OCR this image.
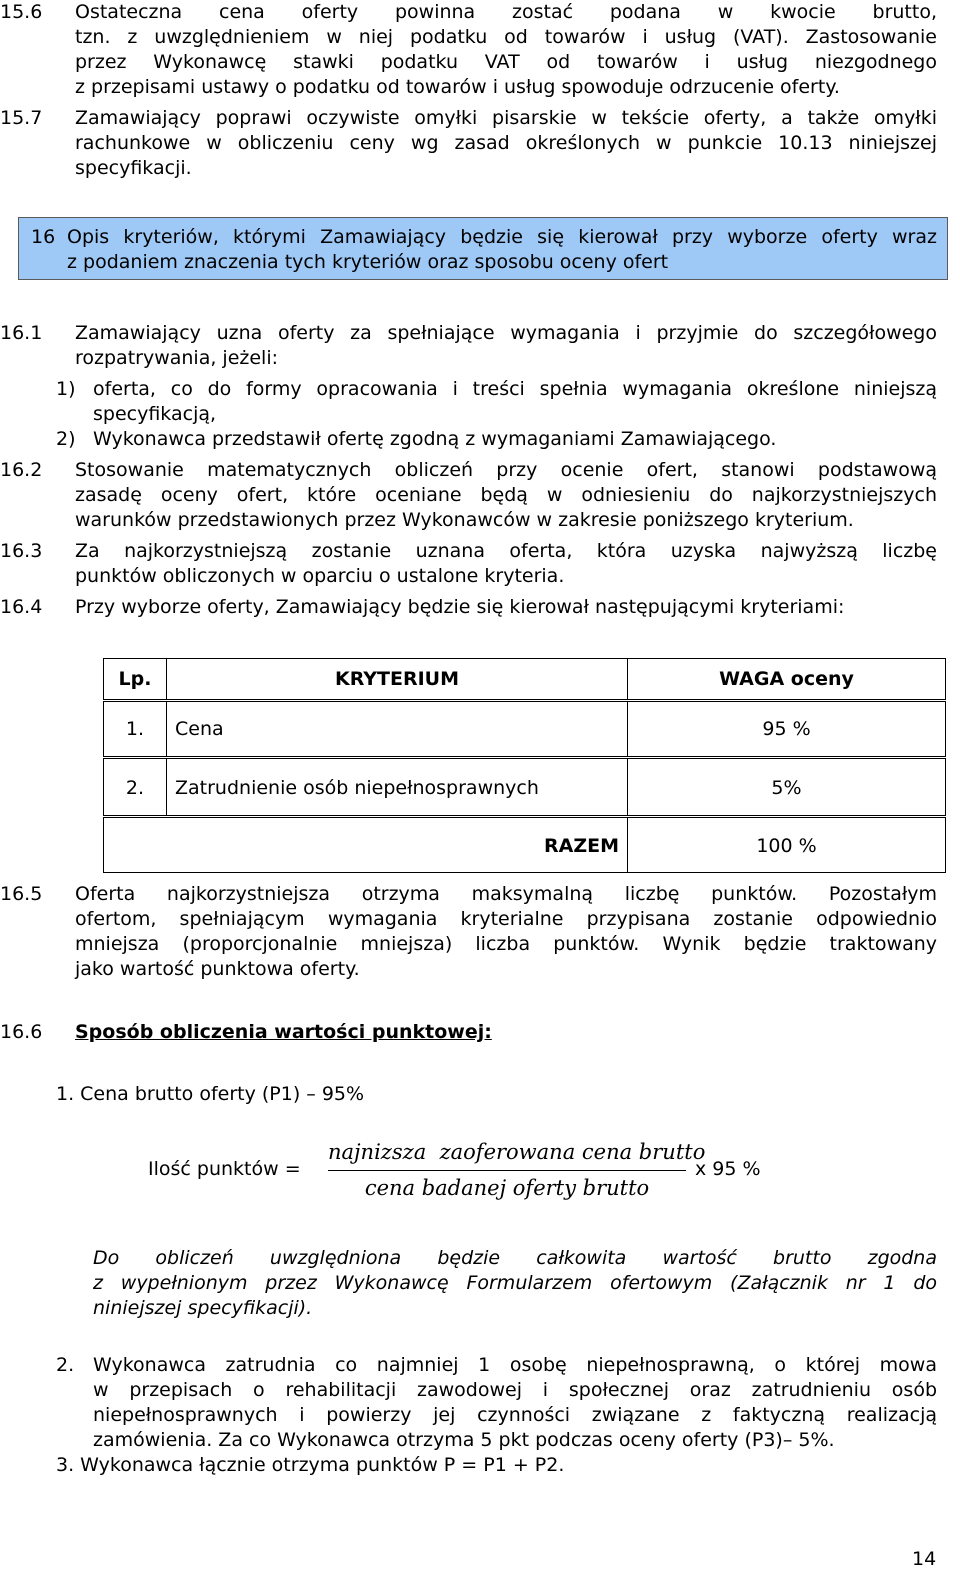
15.6 Ostateczna cena oferty powinna zostać podana w kwocie brutto,
tzn. z uwzględnieniem w niej podatku od towarów i usług (VAT). Zastosowanie
przez Wykonawcę stawki podatku VAT od towarów i usług niezgodnego
z przepisami ustawy o podatku od towarów i usług spowoduje odrzucenie oferty.
15.7 Zamawiający poprawi oczywiste omyłki pisarskie w tekście oferty, a także omyłki
rachunkowe w obliczeniu ceny wg zasad określonych w punkcie 10.13 niniejszej
specyfikacji.
16 Opis kryteriów, którymi Zamawiający będzie się kierował przy wyborze oferty wraz
z podaniem znaczenia tych kryteriów oraz sposobu oceny ofert
16.1 Zamawiający uzna oferty za spełniające wymagania i przyjmie do szczegółowego
rozpatrywania, jeżeli:
1) oferta, co do formy opracowania i treści spełnia wymagania określone niniejszą
specyfikacją,
2) Wykonawca przedstawił ofertę zgodną z wymaganiami Zamawiającego.
16.2 Stosowanie matematycznych obliczeń przy ocenie ofert, stanowi podstawową
zasadę oceny ofert, które oceniane będą w odniesieniu do najkorzystniejszych
warunków przedstawionych przez Wykonawców w zakresie poniższego kryterium.
16.3 Za najkorzystniejszą zostanie uznana oferta, która uzyska najwyższą liczbę
punktów obliczonych w oparciu o ustalone kryteria.
16.4 Przy wyborze oferty, Zamawiający będzie się kierował następującymi kryteriami:
Lp.	KRYTERIUM	WAGA oceny
1.	Cena	95 %
2.	Zatrudnienie osób niepełnosprawnych	5%
RAZEM	100 %
16.5 Oferta najkorzystniejsza otrzyma maksymalną liczbę punktów. Pozostałym
ofertom, spełniającym wymagania kryterialne przypisana zostanie odpowiednio
mniejsza (proporcjonalnie mniejsza) liczba punktów. Wynik będzie traktowany
jako wartość punktowa oferty.
16.6 Sposób obliczenia wartości punktowej:
1. Cena brutto oferty (P1) – 95%
Ilość punktów =
najnizsza  zaoferowana cena brutto
cena badanej oferty brutto
x 95 %
Do obliczeń uwzględniona będzie całkowita wartość brutto zgodna
z wypełnionym przez Wykonawcę Formularzem ofertowym (Załącznik nr 1 do
niniejszej specyfikacji).
2. Wykonawca zatrudnia co najmniej 1 osobę niepełnosprawną, o której mowa
w przepisach o rehabilitacji zawodowej i społecznej oraz zatrudnieniu osób
niepełnosprawnych i powierzy jej czynności związane z faktyczną realizacją
zamówienia. Za co Wykonawca otrzyma 5 pkt podczas oceny oferty (P3)– 5%.
3. Wykonawca łącznie otrzyma punktów P = P1 + P2.
14
